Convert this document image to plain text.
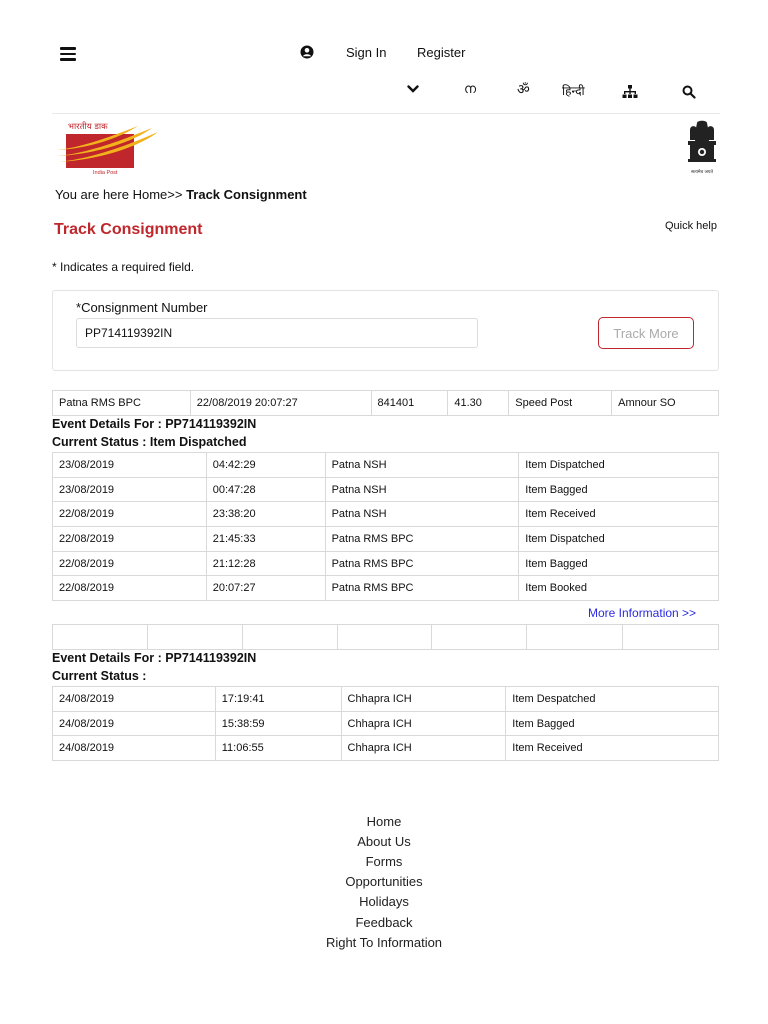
Sign In Register
ന	ॐ	हिन्दी
भारतीय डाक
India Post	सत्यमेव जयते
You are here Home>> Track Consignment
Track Consignment	Quick help
* Indicates a required field.
*Consignment Number
PP714119392IN
Track More
Patna RMS BPC	22/08/2019 20:07:27	841401	41.30	Speed Post	Amnour SO
Event Details For : PP714119392IN
Current Status : Item Dispatched
23/08/2019	04:42:29	Patna NSH	Item Dispatched
23/08/2019	00:47:28	Patna NSH	Item Bagged
22/08/2019	23:38:20	Patna NSH	Item Received
22/08/2019	21:45:33	Patna RMS BPC	Item Dispatched
22/08/2019	21:12:28	Patna RMS BPC	Item Bagged
22/08/2019	20:07:27	Patna RMS BPC	Item Booked
More Information >>

Event Details For : PP714119392IN
Current Status :
24/08/2019	17:19:41	Chhapra ICH	Item Despatched
24/08/2019	15:38:59	Chhapra ICH	Item Bagged
24/08/2019	11:06:55	Chhapra ICH	Item Received
Home
About Us
Forms
Opportunities
Holidays
Feedback
Right To Information
